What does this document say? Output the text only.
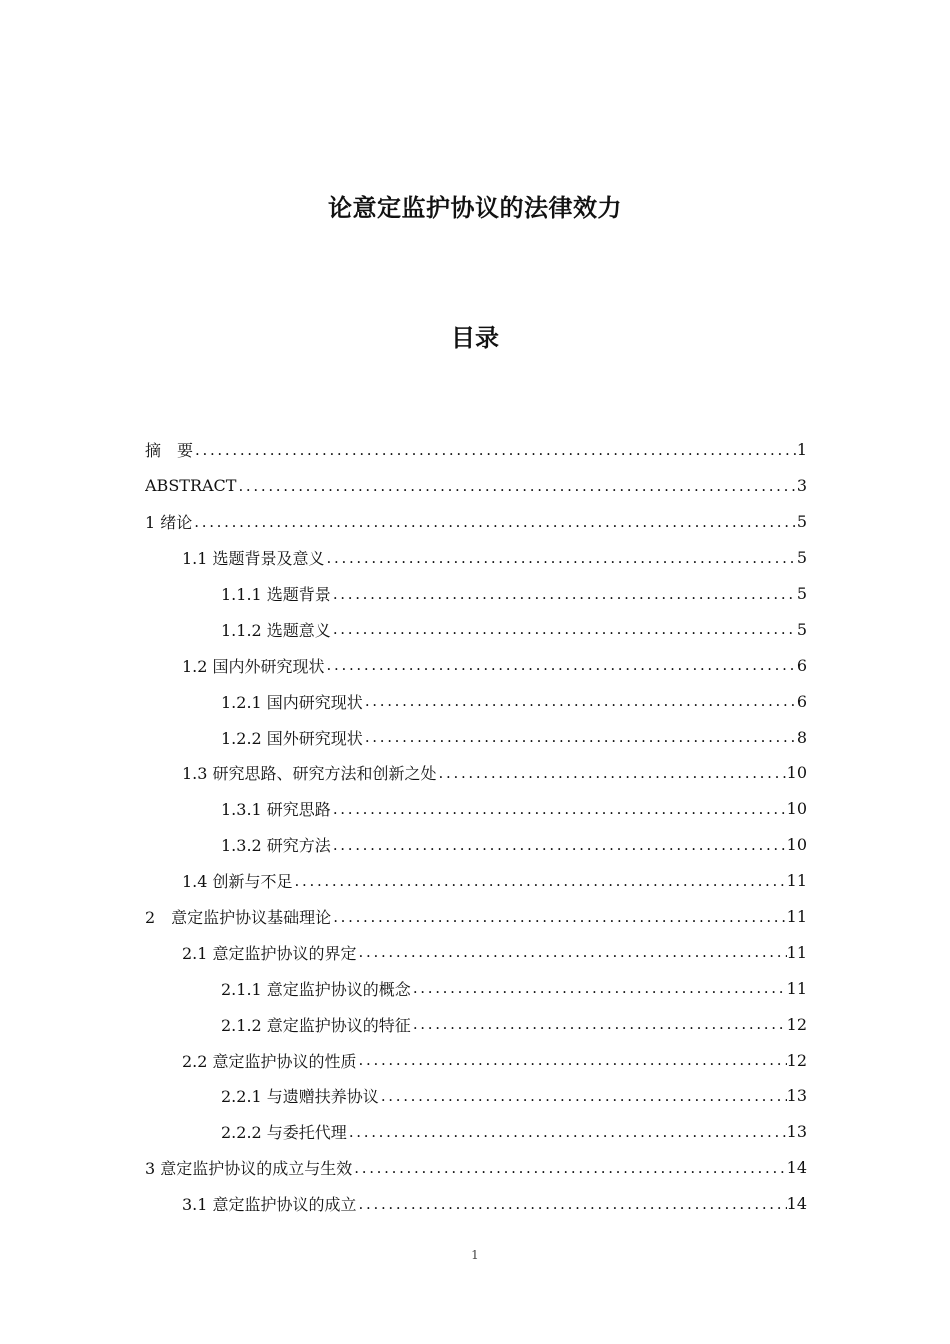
论意定监护协议的法律效力
目录
摘　要 .....	1
ABSTRACT .....	3
1 绪论 .....	5
1.1 选题背景及意义 .....	5
1.1.1 选题背景 .....	5
1.1.2 选题意义 .....	5
1.2 国内外研究现状 .....	6
1.2.1 国内研究现状 .....	6
1.2.2 国外研究现状 .....	8
1.3 研究思路、研究方法和创新之处 .....	10
1.3.1 研究思路 .....	10
1.3.2 研究方法 .....	10
1.4 创新与不足 .....	11
2　意定监护协议基础理论 .....	11
2.1 意定监护协议的界定 .....	11
2.1.1 意定监护协议的概念 .....	11
2.1.2 意定监护协议的特征 .....	12
2.2 意定监护协议的性质 .....	12
2.2.1 与遗赠扶养协议 .....	13
2.2.2 与委托代理 .....	13
3 意定监护协议的成立与生效 .....	14
3.1 意定监护协议的成立 .....	14
1
